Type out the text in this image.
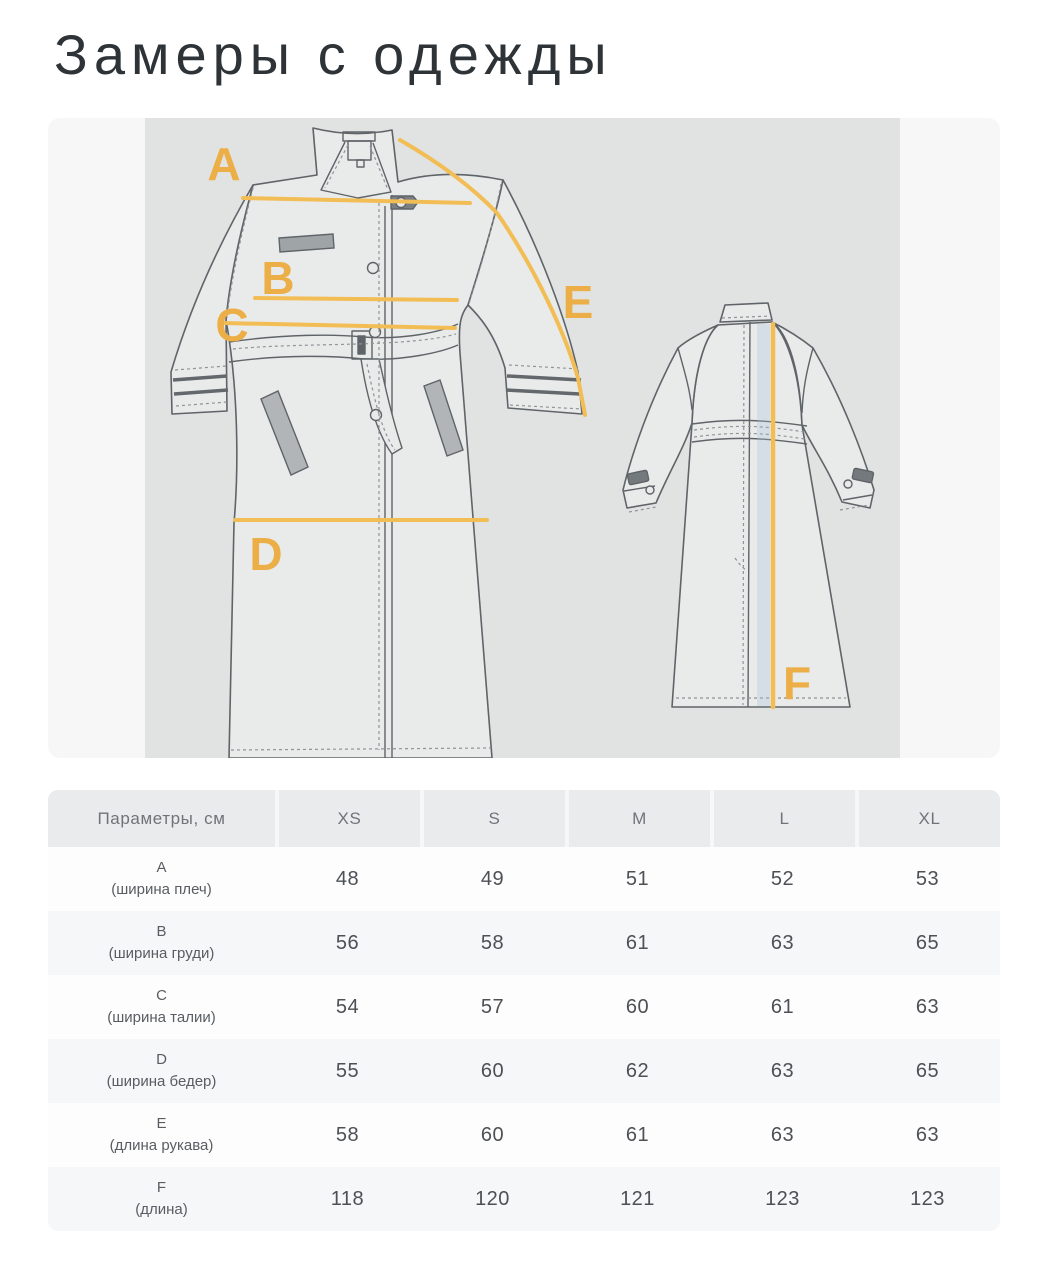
Замеры с одежды
A
B
C
D
E
F
Параметры, см	XS	S	M	L	XL
A
(ширина плеч)	48	49	51	52	53
B
(ширина груди)	56	58	61	63	65
C
(ширина талии)	54	57	60	61	63
D
(ширина бедер)	55	60	62	63	65
E
(длина рукава)	58	60	61	63	63
F
(длина)	118	120	121	123	123
